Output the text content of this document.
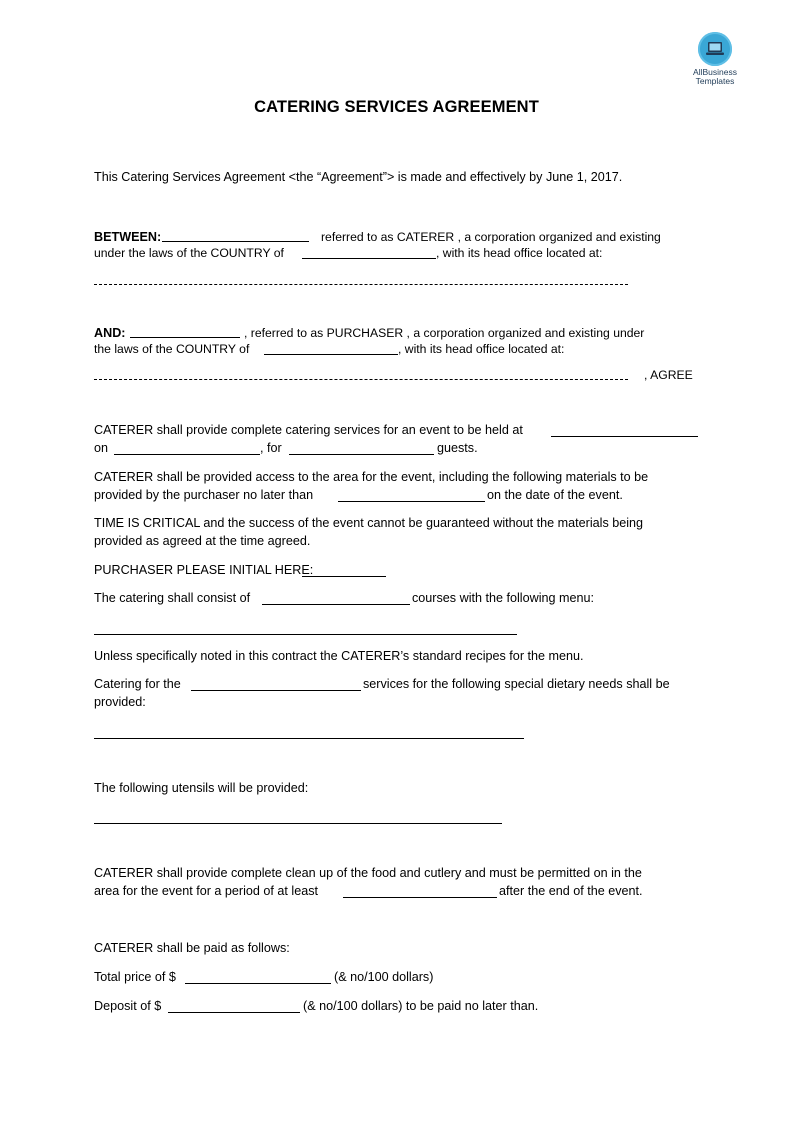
AllBusiness
Templates
CATERING SERVICES AGREEMENT
This Catering Services Agreement <the “Agreement”> is made and effectively by June 1, 2017.
BETWEEN:	referred to as CATERER , a corporation organized and existing
under the laws of the COUNTRY of	, with its head office located at:
AND:	, referred to as PURCHASER , a corporation organized and existing under
the laws of the COUNTRY of	, with its head office located at:
, AGREE
CATERER shall provide complete catering services for an event to be held at
on	, for	guests.
CATERER shall be provided access to the area for the event, including the following materials to be
provided by the purchaser no later than	on the date of the event.
TIME IS CRITICAL and the success of the event cannot be guaranteed without the materials being
provided as agreed at the time agreed.
PURCHASER PLEASE INITIAL HERE:
The catering shall consist of	courses with the following menu:
Unless specifically noted in this contract the CATERER’s standard recipes for the menu.
Catering for the	services for the following special dietary needs shall be
provided:
The following utensils will be provided:
CATERER shall provide complete clean up of the food and cutlery and must be permitted on in the
area for the event for a period of at least	after the end of the event.
CATERER shall be paid as follows:
Total price of $	(& no/100 dollars)
Deposit of $	(& no/100 dollars) to be paid no later than.
